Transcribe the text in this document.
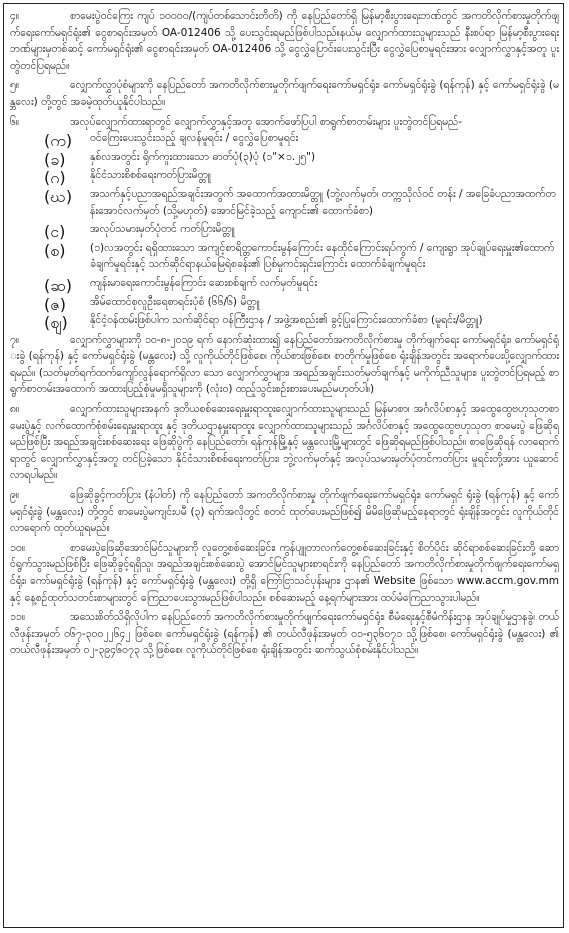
၄။	စာမေးပွဲဝင်ကြေး ကျပ် ၁၀၀၀၀/(ကျပ်တစ်သောင်းတိတိ) ကို နေပြည်တော်ရှိ မြန်မာ့စီးပွားရေးဘဏ်တွင် အကတိလိုက်စားမှုတိုက်ဖျက်ရေးကော်မရှင်ရုံး၏ ငွေစာရင်းအမှတ် OA-012406 သို့ ပေးသွင်းရမည်ဖြစ်ပါသည်။နယ်မှ လျှောက်ထားသူများသည် နီးစပ်ရာ မြန်မာ့စီးပွားရေးဘဏ်များမှတစ်ဆင့် ကော်မရှင်ရုံး၏ ငွေစာရင်းအမှတ် OA-012406 သို့ ငွေလွှဲပြောင်းပေးသွင်းပြီး ငွေလွှဲပြေစာမူရင်းအား လျှောက်လွှာနှင့်အတူ ပူးတွဲတင်ပြရမည်။

၅။	လျှောက်လွှာပုံစံများကို နေပြည်တော် အကတိလိုက်စားမှုတိုက်ဖျက်ရေးကော်မရှင်ရုံး၊ ကော်မရှင်ရုံးခွဲ (ရန်ကုန်) နှင့် ကော်မရှင်ရုံးခွဲ (မန္တလေး) တို့တွင် အခမဲ့ထုတ်ယူနိုင်ပါသည်။

၆။	အလုပ်လျှောက်ထားရာတွင် လျှောက်လွှာနှင့်အတူ အောက်ဖော်ပြပါ စာရွက်စာတမ်းများ ပူးတွဲတင်ပြရမည်-

(က)	ဝင်ကြေးပေးသွင်းသည့် ချလန်မူရင်း / ငွေလွှဲပြေစာမူရင်း

(ခ)	နှစ်လအတွင်း ရိုက်ကူးထားသော ဓာတ်ပုံ(၃)ပုံ (၁"×၁.၂၅")

(ဂ)	နိုင်ငံသားစိစစ်ရေးကတ်ပြားမိတ္တူ

(ဃ)	အသက်နှင့်ပညာအရည်အချင်းအတွက် အထောက်အထားမိတ္တူ (ဘွဲ့လက်မှတ်၊ တက္ကသိုလ်ဝင် တန်း / အခြေခံပညာအထက်တန်းအောင်လက်မှတ် (သို့မဟုတ်) အောင်မြင်ခဲ့သည့် ကျောင်း၏ ထောက်ခံစာ)

(င)	အလုပ်သမားမှတ်ပုံတင် ကတ်ပြားမိတ္တူ

(စ)	(၁)လအတွင်း ရရှိထားသော အကျင့်စာရိတ္တကောင်းမွန်ကြောင်း နေထိုင်ကြောင်းရပ်ကွက် / ကျေးရွာ အုပ်ချုပ်ရေးမှူး၏ထောက်ခံချက်မူရင်းနှင့် သက်ဆိုင်ရာနယ်မြေရဲစခန်း၏ ပြစ်မှုကင်းရှင်းကြောင်း ထောက်ခံချက်မူရင်း

(ဆ)	ကျန်းမာရေးကောင်းမွန်ကြောင်း ဆေးစစ်ချက် လက်မှတ်မူရင်း

(ဇ)	အိမ်ထောင်စုလူဦးရေစာရင်းပုံစံ (၆၆/၆) မိတ္တူ

(ဈ)	နိုင်ငံ့ဝန်ထမ်းဖြစ်ပါက သက်ဆိုင်ရာ ဝန်ကြီးဌာန / အဖွဲ့အစည်း၏ ခွင့်ပြုကြောင်းထောက်ခံစာ (မူရင်း/မိတ္တူ)

၇။	လျှောက်လွှာများကို ၁၀-၈-၂၀၁၉ ရက် နောက်ဆုံးထား၍ နေပြည်တော်အကတိလိုက်စားမှု တိုက်ဖျက်ရေး ကော်မရှင်ရုံး၊ ကော်မရှင်ရုံးခွဲ (ရန်ကုန်) နှင့် ကော်မရှင်ရုံးခွဲ (မန္တလေး) သို့ လူကိုယ်တိုင်ဖြစ်စေ၊ ကိုယ်စားဖြစ်စေ၊ စာတိုက်မှုဖြစ်စေ ရုံးချိန်အတွင်း အရောက်ပေးပို့လျှောက်ထားရမည်။ (သတ်မှတ်ရက်ထက်ကျော်လွန်ရောက်ရှိလာ သော လျှောက်လွှာများ၊ အရည်အချင်းသတ်မှတ်ချက်နှင့် မကိုက်ညီသူများ၊ ပူးတွဲတင်ပြရမည့် စာရွက်စာတမ်းအထောက် အထားပြည့်စုံမှုမရှိသူများကို (လုံးဝ) ထည့်သွင်းစဉ်းစားပေးမည်မဟုတ်ပါ။)

၈။	လျှောက်ထားသူများအနက် ဒုတိယစစ်ဆေးရေးမှူးရာထူးလျှောက်ထားသူများသည် မြန်မာစာ၊ အင်္ဂလိပ်စာနှင့် အထွေထွေဗဟုသုတစာမေးပွဲနှင့် လက်ထောက်စုံစမ်းရေးမှူးရာထူး နှင့် ဒုတိယဌာနမှူးရာထူး လျှောက်ထားသူများသည် အင်္ဂလိပ်စာနှင့် အထွေထွေဗဟုသုတ စာမေးပွဲ ဖြေဆိုရမည်ဖြစ်ပြီး အရည်အချင်းစစ်ဆေးရေး ဖြေဆိုပွဲကို နေပြည်တော်၊ ရန်ကုန်မြို့နှင့် မန္တလေးမြို့များတွင် ဖြေဆိုရမည်ဖြစ်ပါသည်။ စာဖြေဆိုရန် လာရောက်ရာတွင် လျှောက်လွှာနှင့်အတူ တင်ပြခဲ့သော နိုင်ငံသားစိစစ်ရေးကတ်ပြား၊ ဘွဲ့လက်မှတ်နှင့် အလုပ်သမားမှတ်ပုံတင်ကတ်ပြား မူရင်းတို့အား ယူဆောင်လာရပါမည်။

၉။	ဖြေဆိုခွင့်ကတ်ပြား (နံပါတ်) ကို နေပြည်တော် အကတိလိုက်စားမှု တိုက်ဖျက်ရေးကော်မရှင်ရုံး၊ ကော်မရှင် ရုံးခွဲ (ရန်ကုန်) နှင့် ကော်မရှင်ရုံးခွဲ (မန္တလေး) တို့တွင် စာမေးပွဲမကျင်းပမီ (၃) ရက်အလိုတွင် စတင် ထုတ်ပေးမည်ဖြစ်၍ မိမိဖြေဆိုမည့်နေရာတွင် ရုံးချိန်အတွင်း လူကိုယ်တိုင်လာရောက် ထုတ်ယူရမည်။

၁၀။	စာမေးပွဲဖြေဆိုအောင်မြင်သူများကို လူတွေ့စစ်ဆေးခြင်း၊ ကွန်ပျူတာလက်တွေ့စစ်ဆေးခြင်းနှင့် စိတ်ပိုင်း ဆိုင်ရာစစ်ဆေးခြင်းတို့ ဆောင်ရွက်သွားမည်ဖြစ်ပြီး ဖြေဆိုခွင့်ရရှိသူ၊ အရည်အချင်းစစ်ဆေးပွဲ အောင်မြင်သူများစာရင်းကို နေပြည်တော် အကတိလိုက်စားမှုတိုက်ဖျက်ရေးကော်မရှင်ရုံး၊ ကော်မရှင်ရုံးခွဲ (ရန်ကုန်) နှင့် ကော်မရှင်ရုံးခွဲ (မန္တလေး) တို့ရှိ ကြော်ငြာသင်ပုန်းများ၊ ဌာန၏ Website ဖြစ်သော www.accm.gov.mm နှင့် နေ့စဉ်ထုတ်သတင်းစာများတွင် ကြေညာပေးသွားမည်ဖြစ်ပါသည်။ စစ်ဆေးမည့် နေ့ရက်များအား ထပ်မံကြေညာသွားပါမည်။

၁၁။	အသေးစိတ်သိရှိလိုပါက နေပြည်တော် အကတိလိုက်စားမှုတိုက်ဖျက်ရေးကော်မရှင်ရုံး၊ စီမံရေးနှင့်စီမံကိန်းဌာန အုပ်ချုပ်မှုဌာနခွဲ၊ တယ်လီဖုန်းအမှတ် ၀၆၇-၃၀၀၂၂၆၄၂ ဖြစ်စေ၊ ကော်မရှင်ရုံးခွဲ (ရန်ကုန်) ၏ တယ်လီဖုန်းအမှတ် ၀၁-၅၃၆၀၇၁ သို့ဖြစ်စေ၊ ကော်မရှင်ရုံးခွဲ (မန္တလေး) ၏ တယ်လီဖုန်းအမှတ် ၀၂-၃၉၄၆၀၇၃ သို့ဖြစ်စေ၊ လူကိုယ်တိုင်ဖြစ်စေ ရုံးချိန်အတွင်း ဆက်သွယ်စုံစမ်းနိုင်ပါသည်။
